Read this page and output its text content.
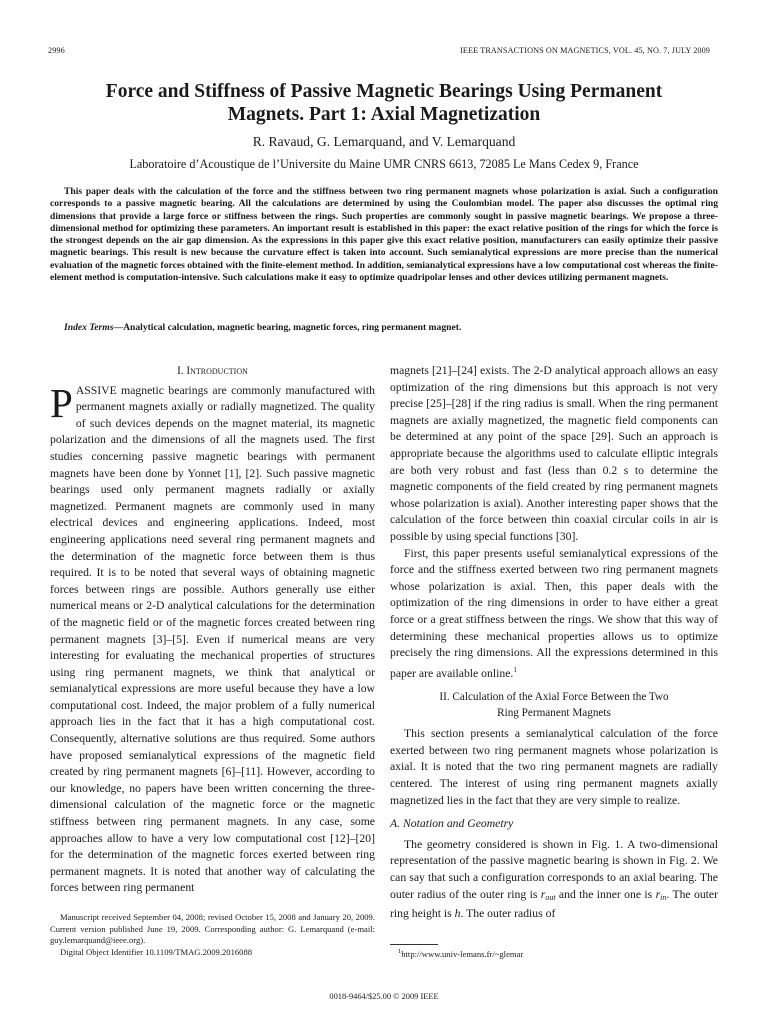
2996	IEEE TRANSACTIONS ON MAGNETICS, VOL. 45, NO. 7, JULY 2009
Force and Stiffness of Passive Magnetic Bearings Using Permanent
Magnets. Part 1: Axial Magnetization
R. Ravaud, G. Lemarquand, and V. Lemarquand
Laboratoire d’Acoustique de l’Universite du Maine UMR CNRS 6613, 72085 Le Mans Cedex 9, France
This paper deals with the calculation of the force and the stiffness between two ring permanent magnets whose polarization is axial. Such a configuration corresponds to a passive magnetic bearing. All the calculations are determined by using the Coulombian model. The paper also discusses the optimal ring dimensions that provide a large force or stiffness between the rings. Such properties are commonly sought in passive magnetic bearings. We propose a three-dimensional method for optimizing these parameters. An important result is established in this paper: the exact relative position of the rings for which the force is the strongest depends on the air gap dimension. As the expressions in this paper give this exact relative position, manufacturers can easily optimize their passive magnetic bearings. This result is new because the curvature effect is taken into account. Such semianalytical expressions are more precise than the numerical evaluation of the magnetic forces obtained with the finite-element method. In addition, semianalytical expressions have a low computational cost whereas the finite-element method is computation-intensive. Such calculations make it easy to optimize quadripolar lenses and other devices utilizing permanent magnets.
Index Terms—Analytical calculation, magnetic bearing, magnetic forces, ring permanent magnet.
I. Introduction

PASSIVE magnetic bearings are commonly manufactured with permanent magnets axially or radially magnetized. The quality of such devices depends on the magnet material, its magnetic polarization and the dimensions of all the magnets used. The first studies concerning passive magnetic bearings with permanent magnets have been done by Yonnet [1], [2]. Such passive magnetic bearings used only permanent magnets radially or axially magnetized. Permanent magnets are commonly used in many electrical devices and engineering applications. Indeed, most engineering applications need several ring permanent magnets and the determination of the magnetic force between them is thus required. It is to be noted that several ways of obtaining magnetic forces between rings are possible. Authors generally use either numerical means or 2-D analytical calculations for the determination of the magnetic field or of the magnetic forces created between ring permanent magnets [3]–[5]. Even if numerical means are very interesting for evaluating the mechanical properties of structures using ring permanent magnets, we think that analytical or semianalytical expressions are more useful because they have a low computational cost. Indeed, the major problem of a fully numerical approach lies in the fact that it has a high computational cost. Consequently, alternative solutions are thus required. Some authors have proposed semianalytical expressions of the magnetic field created by ring permanent magnets [6]–[11]. However, according to our knowledge, no papers have been written concerning the three-dimensional calculation of the magnetic force or the magnetic stiffness between ring permanent magnets. In any case, some approaches allow to have a very low computational cost [12]–[20] for the determination of the magnetic forces exerted between ring permanent magnets. It is noted that another way of calculating the forces between ring permanent

magnets [21]–[24] exists. The 2-D analytical approach allows an easy optimization of the ring dimensions but this approach is not very precise [25]–[28] if the ring radius is small. When the ring permanent magnets are axially magnetized, the magnetic field components can be determined at any point of the space [29]. Such an approach is appropriate because the algorithms used to calculate elliptic integrals are both very robust and fast (less than 0.2 s to determine the magnetic components of the field created by ring permanent magnets whose polarization is axial). Another interesting paper shows that the calculation of the force between thin coaxial circular coils in air is possible by using special functions [30].

First, this paper presents useful semianalytical expressions of the force and the stiffness exerted between two ring permanent magnets whose polarization is axial. Then, this paper deals with the optimization of the ring dimensions in order to have either a great force or a great stiffness between the rings. We show that this way of determining these mechanical properties allows us to optimize precisely the ring dimensions. All the expressions determined in this paper are available online.$^1$

II. Calculation of the Axial Force Between the Two
Ring Permanent Magnets

This section presents a semianalytical calculation of the force exerted between two ring permanent magnets whose polarization is axial. It is noted that the two ring permanent magnets are radially centered. The interest of using ring permanent magnets axially magnetized lies in the fact that they are very simple to realize.

A. Notation and Geometry

The geometry considered is shown in Fig. 1. A two-dimensional representation of the passive magnetic bearing is shown in Fig. 2. We can say that such a configuration corresponds to an axial bearing. The outer radius of the outer ring is $r_{out}$ and the inner one is $r_{in}$. The outer ring height is h. The outer radius of

Manuscript received September 04, 2008; revised October 15, 2008 and January 20, 2009. Current version published June 19, 2009. Corresponding author: G. Lemarquand (e-mail: guy.lemarquand@ieee.org).

Digital Object Identifier 10.1109/TMAG.2009.2016088	$^1$http://www.univ-lemans.fr/~glemar
0018-9464/$25.00 © 2009 IEEE
